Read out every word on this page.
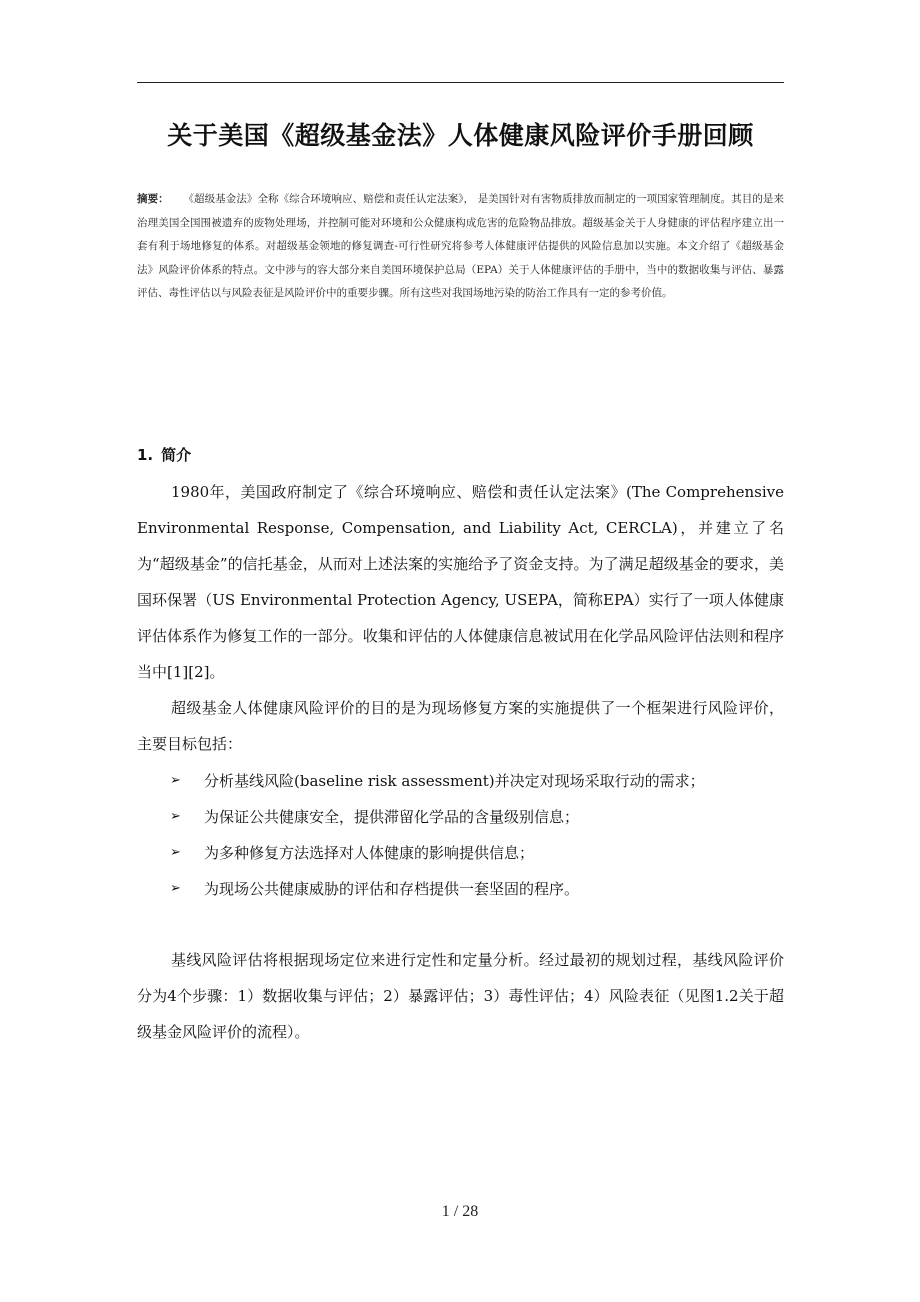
关于美国《超级基金法》人体健康风险评价手册回顾
摘要： 《超级基金法》全称《综合环境响应、赔偿和责任认定法案》， 是美国针对有害物质排放而制定的一项国家管理制度。其目的是来治理美国全国围被遗弃的废物处理场，并控制可能对环境和公众健康构成危害的危险物品排放。超级基金关于人身健康的评估程序建立出一套有利于场地修复的体系。对超级基金领地的修复调查-可行性研究将参考人体健康评估提供的风险信息加以实施。本文介绍了《超级基金法》风险评价体系的特点。文中涉与的容大部分来自美国环境保护总局（EPA）关于人体健康评估的手册中，当中的数据收集与评估、暴露评估、毒性评估以与风险表征是风险评价中的重要步骤。所有这些对我国场地污染的防治工作具有一定的参考价值。
1. 简介
1980年，美国政府制定了《综合环境响应、赔偿和责任认定法案》(The Comprehensive Environmental Response, Compensation, and Liability Act, CERCLA)，并建立了名为“超级基金”的信托基金，从而对上述法案的实施给予了资金支持。为了满足超级基金的要求，美国环保署（US Environmental Protection Agency, USEPA，简称EPA）实行了一项人体健康评估体系作为修复工作的一部分。收集和评估的人体健康信息被试用在化学品风险评估法则和程序当中[1][2]。
超级基金人体健康风险评价的目的是为现场修复方案的实施提供了一个框架进行风险评价，主要目标包括：
➢	分析基线风险(baseline risk assessment)并决定对现场采取行动的需求；
➢	为保证公共健康安全，提供滞留化学品的含量级别信息；
➢	为多种修复方法选择对人体健康的影响提供信息；
➢	为现场公共健康威胁的评估和存档提供一套坚固的程序。
基线风险评估将根据现场定位来进行定性和定量分析。经过最初的规划过程，基线风险评价分为4个步骤：1）数据收集与评估；2）暴露评估；3）毒性评估；4）风险表征（见图1.2关于超级基金风险评价的流程）。
1 / 28
